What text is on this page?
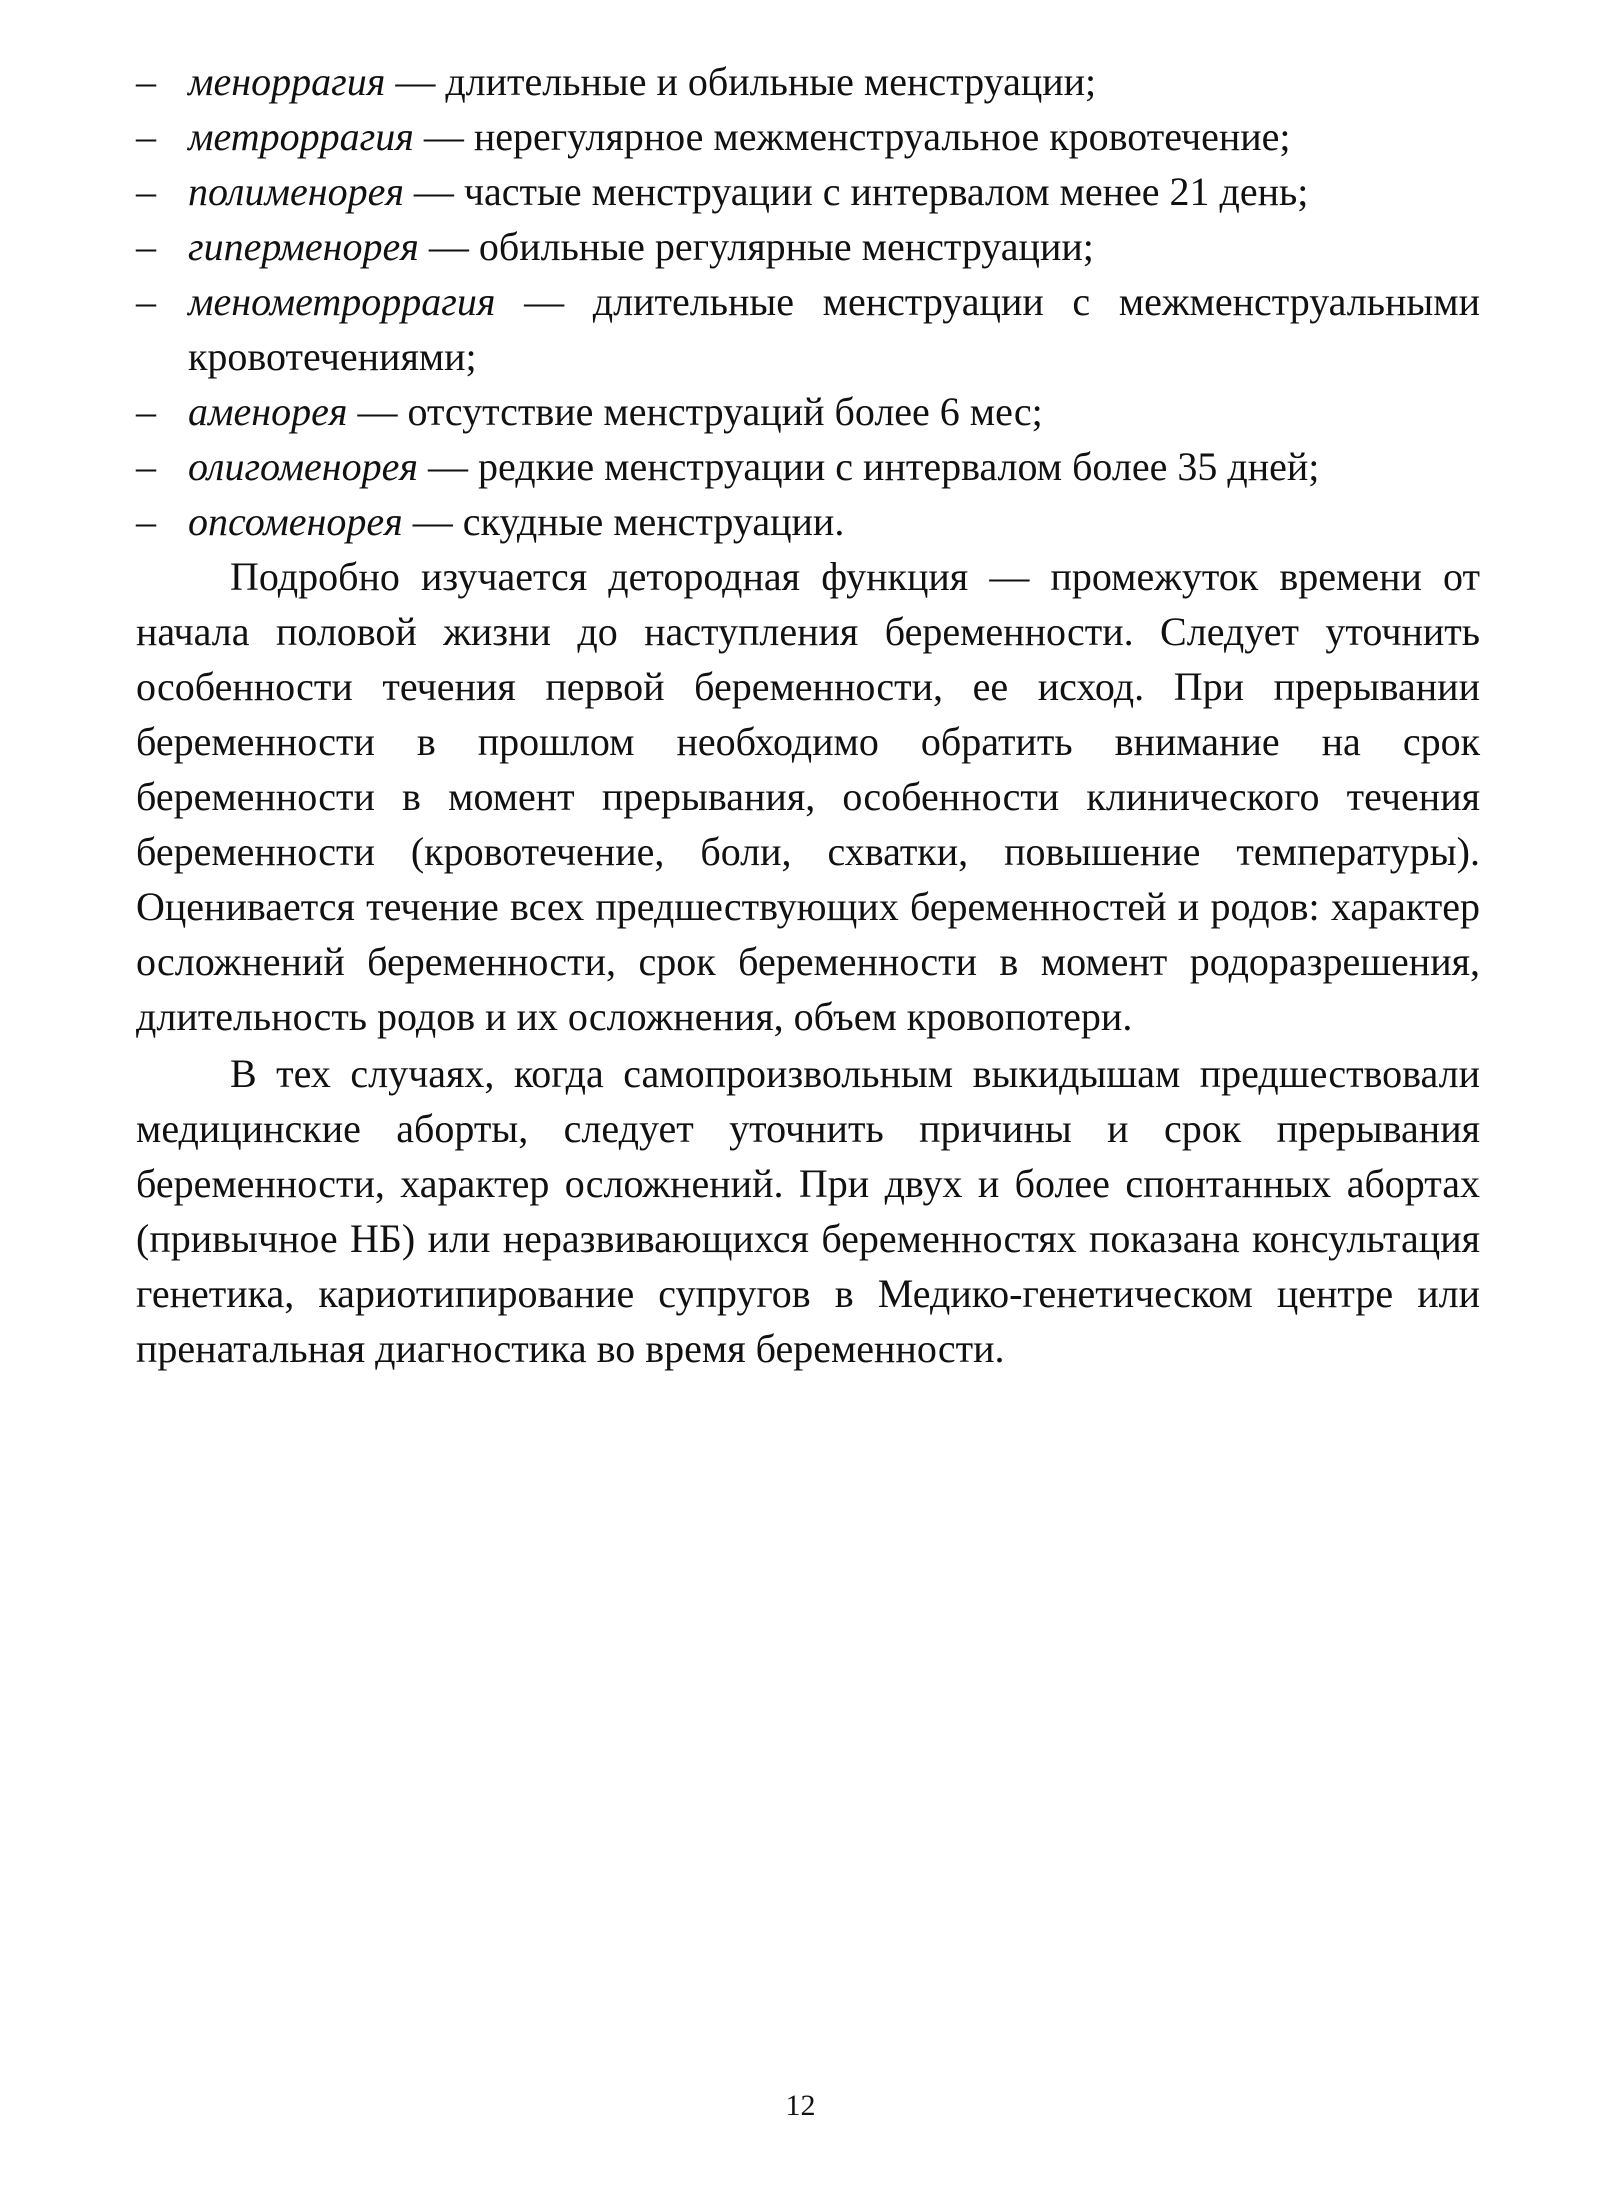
– меноррагия — длительные и обильные менструации;
– метроррагия — нерегулярное межменструальное кровотечение;
– полименорея — частые менструации с интервалом менее 21 день;
– гиперменорея — обильные регулярные менструации;
– менометроррагия — длительные менструации с межменструальными кровотечениями;
– аменорея — отсутствие менструаций более 6 мес;
– олигоменорея — редкие менструации с интервалом более 35 дней;
– опсоменорея — скудные менструации.

Подробно изучается детородная функция — промежуток времени от начала половой жизни до наступления беременности. Следует уточнить особенности течения первой беременности, ее исход. При прерывании беременности в прошлом необходимо обратить внимание на срок беременности в момент прерывания, особенности клинического течения беременности (кровотечение, боли, схватки, повышение температуры). Оценивается течение всех предшествующих беременностей и родов: характер осложнений беременности, срок беременности в момент родоразрешения, длительность родов и их осложнения, объем кровопотери.

В тех случаях, когда самопроизвольным выкидышам предшествовали медицинские аборты, следует уточнить причины и срок прерывания беременности, характер осложнений. При двух и более спонтанных абортах (привычное НБ) или неразвивающихся беременностях показана консультация генетика, кариотипирование супругов в Медико-генетическом центре или пренатальная диагностика во время беременности.

12
